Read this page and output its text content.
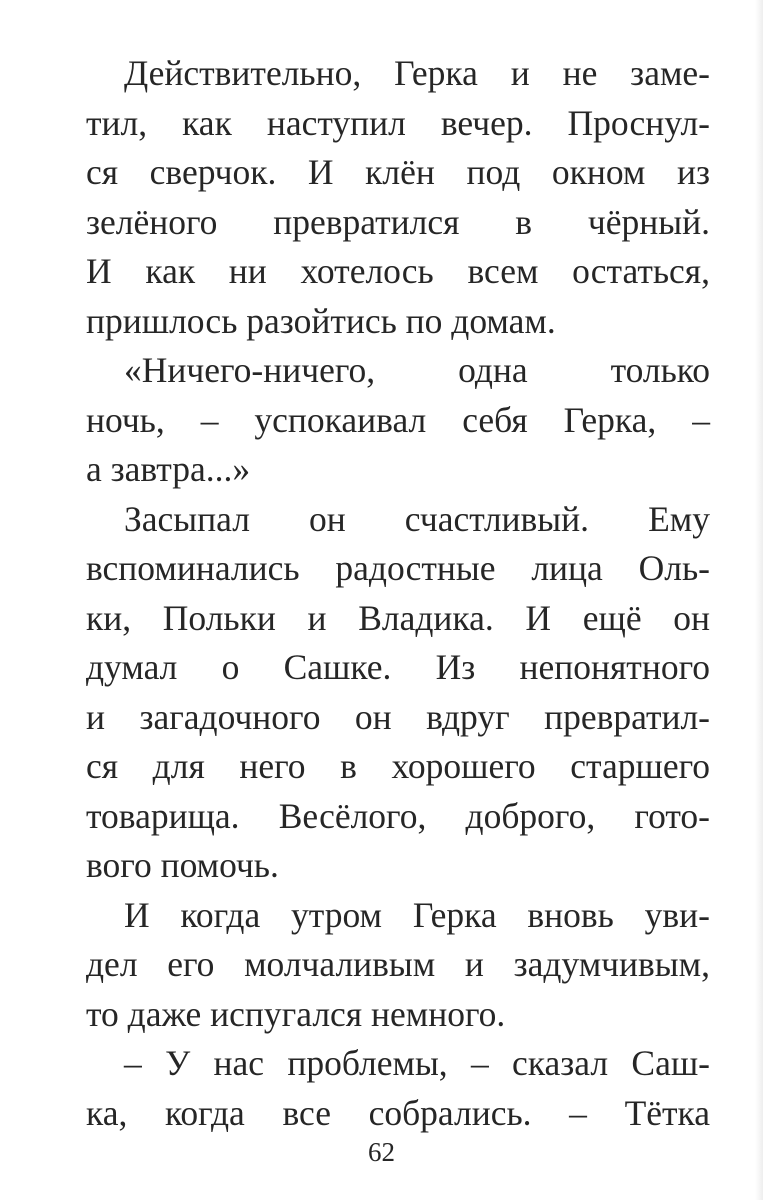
Действительно, Герка и не заме-
тил, как наступил вечер. Проснул-
ся сверчок. И клён под окном из
зелёного превратился в чёрный.
И как ни хотелось всем остаться,
пришлось разойтись по домам.
«Ничего-ничего, одна только
ночь, – успокаивал себя Герка, –
а завтра...»
Засыпал он счастливый. Ему
вспоминались радостные лица Оль-
ки, Польки и Владика. И ещё он
думал о Сашке. Из непонятного
и загадочного он вдруг превратил-
ся для него в хорошего старшего
товарища. Весёлого, доброго, гото-
вого помочь.
И когда утром Герка вновь уви-
дел его молчаливым и задумчивым,
то даже испугался немного.
– У нас проблемы, – сказал Саш-
ка, когда все собрались. – Тётка
62
